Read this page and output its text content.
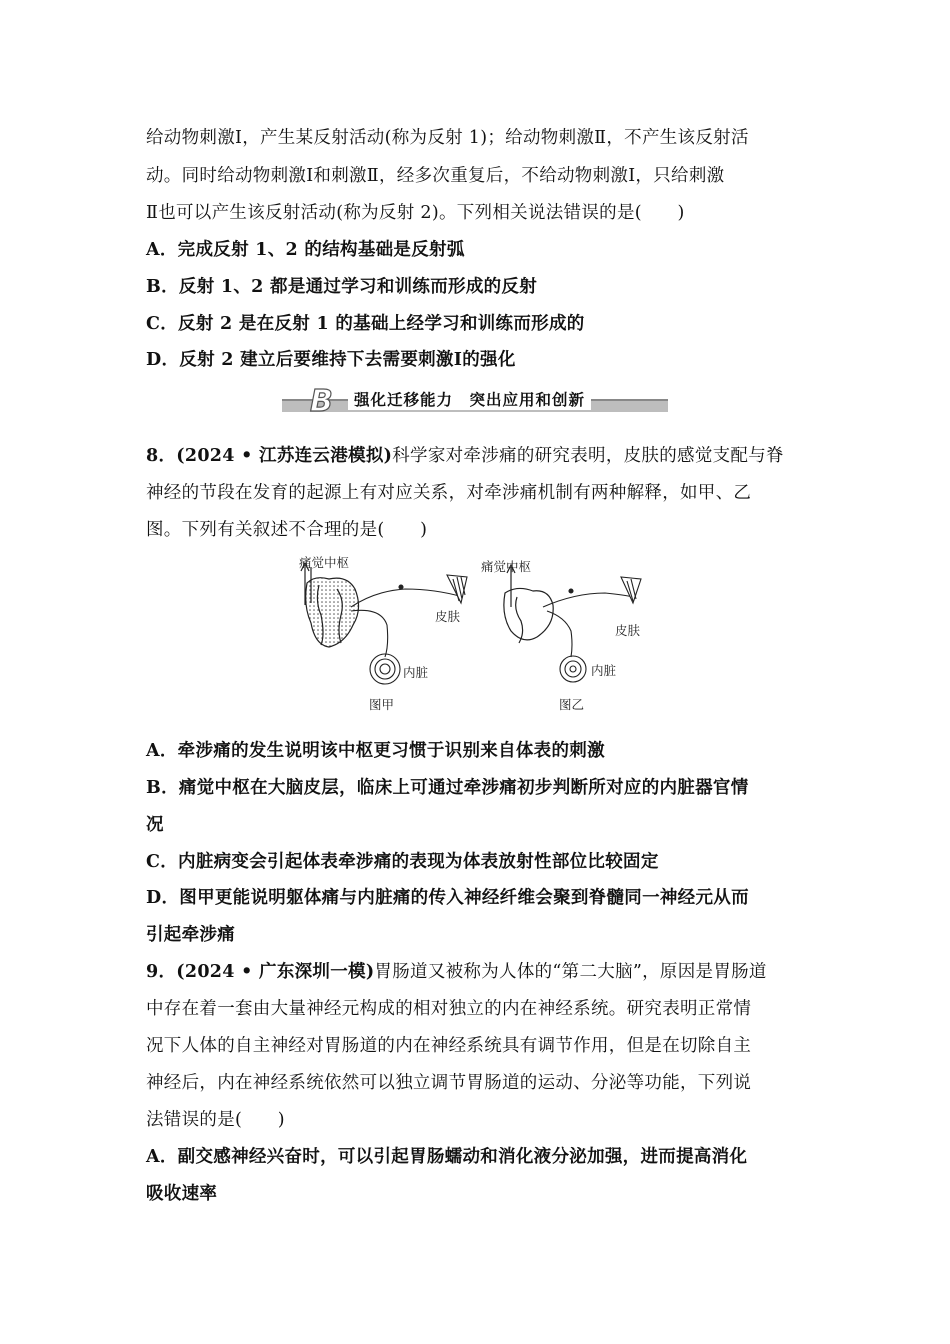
给动物刺激Ⅰ，产生某反射活动(称为反射 1)；给动物刺激Ⅱ，不产生该反射活
动。同时给动物刺激Ⅰ和刺激Ⅱ，经多次重复后，不给动物刺激Ⅰ，只给刺激
Ⅱ也可以产生该反射活动(称为反射 2)。下列相关说法错误的是(　　)
A．完成反射 1、2 的结构基础是反射弧
B．反射 1、2 都是通过学习和训练而形成的反射
C．反射 2 是在反射 1 的基础上经学习和训练而形成的
D．反射 2 建立后要维持下去需要刺激Ⅰ的强化
B	强化迁移能力　突出应用和创新
8．(2024 • 江苏连云港模拟)科学家对牵涉痛的研究表明，皮肤的感觉支配与脊
神经的节段在发育的起源上有对应关系，对牵涉痛机制有两种解释，如甲、乙
图。下列有关叙述不合理的是(　　)
痛觉中枢
皮肤
内脏
图甲
痛觉中枢
皮肤
内脏
图乙
A．牵涉痛的发生说明该中枢更习惯于识别来自体表的刺激
B．痛觉中枢在大脑皮层，临床上可通过牵涉痛初步判断所对应的内脏器官情
况
C．内脏病变会引起体表牵涉痛的表现为体表放射性部位比较固定
D．图甲更能说明躯体痛与内脏痛的传入神经纤维会聚到脊髓同一神经元从而
引起牵涉痛
9．(2024 • 广东深圳一模)胃肠道又被称为人体的“第二大脑”，原因是胃肠道
中存在着一套由大量神经元构成的相对独立的内在神经系统。研究表明正常情
况下人体的自主神经对胃肠道的内在神经系统具有调节作用，但是在切除自主
神经后，内在神经系统依然可以独立调节胃肠道的运动、分泌等功能，下列说
法错误的是(　　)
A．副交感神经兴奋时，可以引起胃肠蠕动和消化液分泌加强，进而提高消化
吸收速率
